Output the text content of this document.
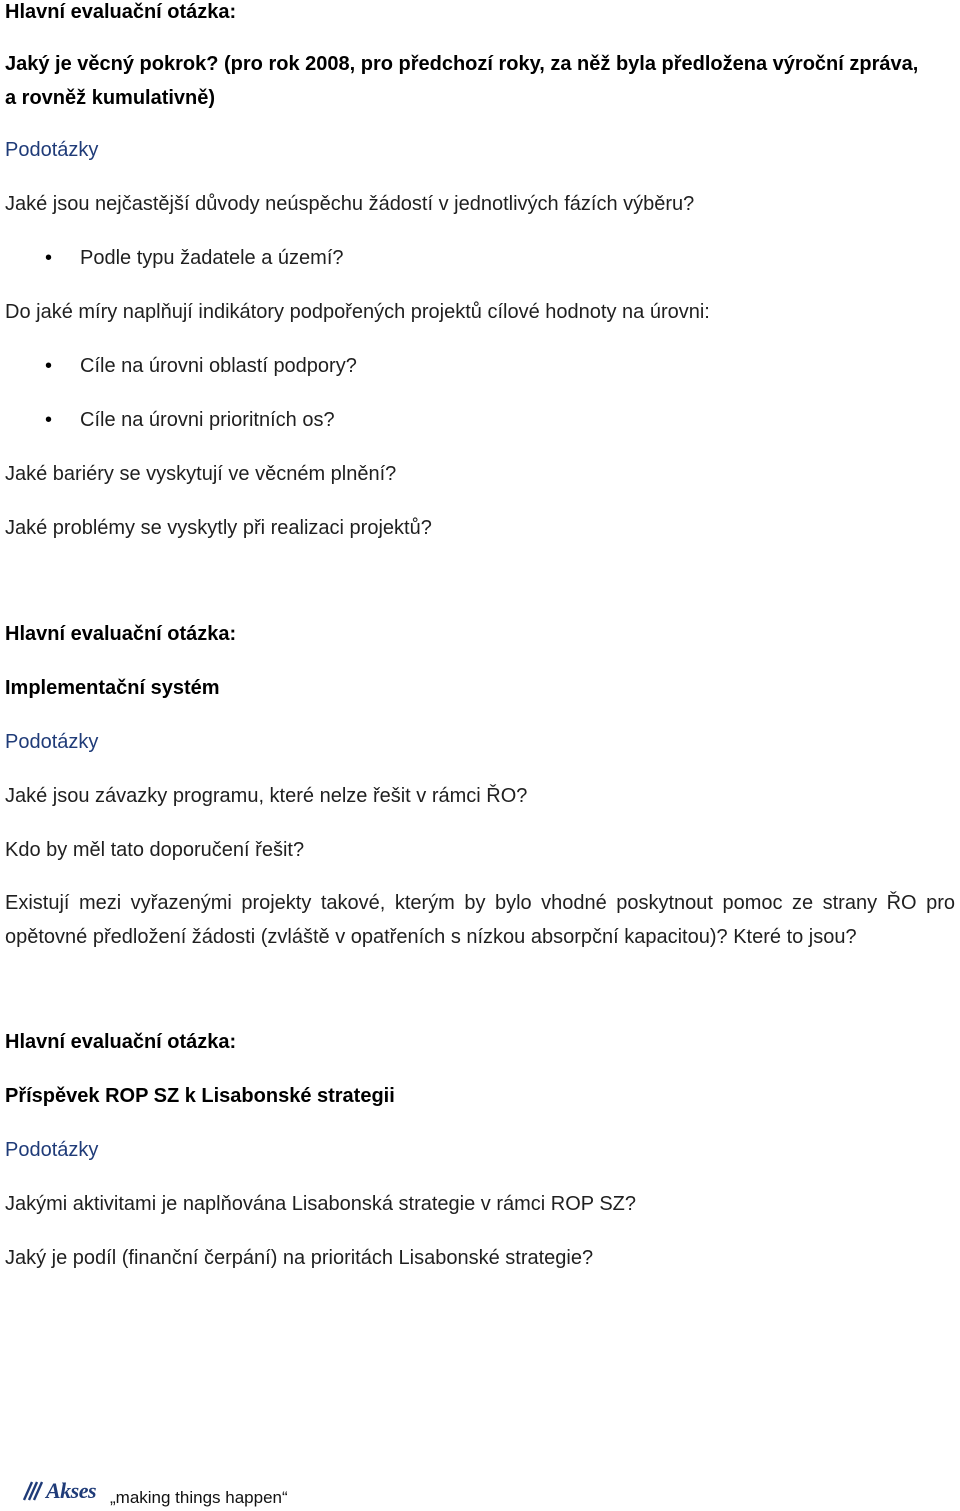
Hlavní evaluační otázka:
Jaký je věcný pokrok? (pro rok 2008, pro předchozí roky, za něž byla předložena výroční zpráva,
a rovněž kumulativně)
Podotázky
Jaké jsou nejčastější důvody neúspěchu žádostí v jednotlivých fázích výběru?
• Podle typu žadatele a území?
Do jaké míry naplňují indikátory podpořených projektů cílové hodnoty na úrovni:
• Cíle na úrovni oblastí podpory?
• Cíle na úrovni prioritních os?
Jaké bariéry se vyskytují ve věcném plnění?
Jaké problémy se vyskytly při realizaci projektů?
Hlavní evaluační otázka:
Implementační systém
Podotázky
Jaké jsou závazky programu, které nelze řešit v rámci ŘO?
Kdo by měl tato doporučení řešit?
Existují mezi vyřazenými projekty takové, kterým by bylo vhodné poskytnout pomoc ze strany ŘO pro opětovné předložení žádosti (zvláště v opatřeních s nízkou absorpční kapacitou)? Které to jsou?
Hlavní evaluační otázka:
Příspěvek ROP SZ k Lisabonské strategii
Podotázky
Jakými aktivitami je naplňována Lisabonská strategie v rámci ROP SZ?
Jaký je podíl (finanční čerpání) na prioritách Lisabonské strategie?
Akses „making things happen“
